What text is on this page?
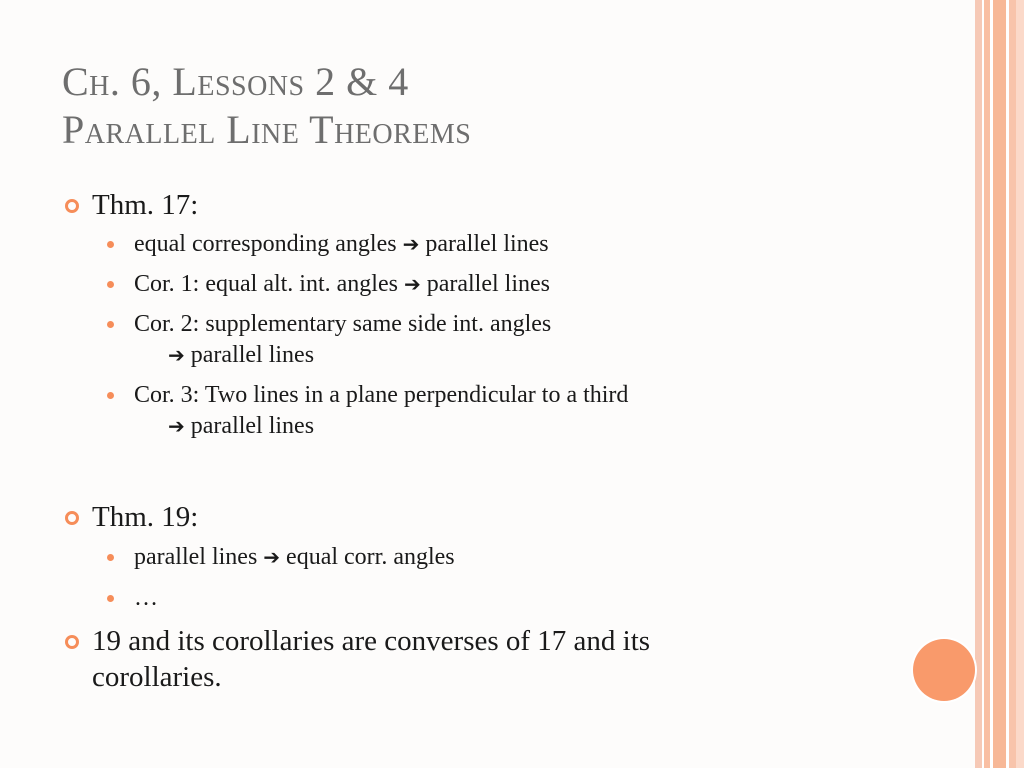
Ch. 6, Lessons 2 & 4
Parallel Line Theorems
Thm. 17:
equal corresponding angles ➔ parallel lines
Cor. 1: equal alt. int. angles ➔ parallel lines
Cor. 2: supplementary same side int. angles
➔ parallel lines
Cor. 3: Two lines in a plane perpendicular to a third
➔ parallel lines
Thm. 19:
parallel lines ➔ equal corr. angles
…
19 and its corollaries are converses of 17 and its
corollaries.
